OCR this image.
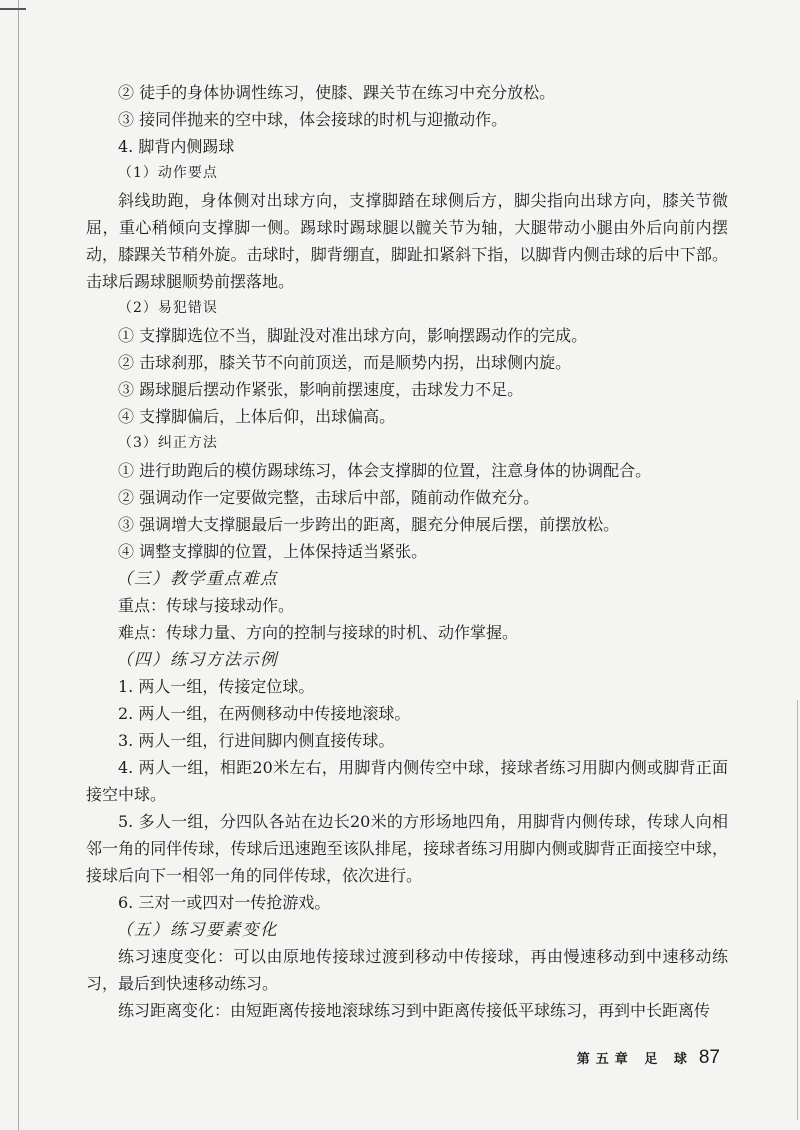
② 徒手的身体协调性练习，使膝、踝关节在练习中充分放松。

③ 接同伴抛来的空中球，体会接球的时机与迎撤动作。

4. 脚背内侧踢球

（1）动作要点

斜线助跑，身体侧对出球方向，支撑脚踏在球侧后方，脚尖指向出球方向，膝关节微屈，重心稍倾向支撑脚一侧。踢球时踢球腿以髋关节为轴，大腿带动小腿由外后向前内摆动，膝踝关节稍外旋。击球时，脚背绷直，脚趾扣紧斜下指，以脚背内侧击球的后中下部。击球后踢球腿顺势前摆落地。

（2）易犯错误

① 支撑脚选位不当，脚趾没对准出球方向，影响摆踢动作的完成。

② 击球刹那，膝关节不向前顶送，而是顺势内拐，出球侧内旋。

③ 踢球腿后摆动作紧张，影响前摆速度，击球发力不足。

④ 支撑脚偏后，上体后仰，出球偏高。

（3）纠正方法

① 进行助跑后的模仿踢球练习，体会支撑脚的位置，注意身体的协调配合。

② 强调动作一定要做完整，击球后中部，随前动作做充分。

③ 强调增大支撑腿最后一步跨出的距离，腿充分伸展后摆，前摆放松。

④ 调整支撑脚的位置，上体保持适当紧张。

（三）教学重点难点

重点：传球与接球动作。

难点：传球力量、方向的控制与接球的时机、动作掌握。

（四）练习方法示例

1. 两人一组，传接定位球。

2. 两人一组，在两侧移动中传接地滚球。

3. 两人一组，行进间脚内侧直接传球。

4. 两人一组，相距20米左右，用脚背内侧传空中球，接球者练习用脚内侧或脚背正面接空中球。

5. 多人一组，分四队各站在边长20米的方形场地四角，用脚背内侧传球，传球人向相邻一角的同伴传球，传球后迅速跑至该队排尾，接球者练习用脚内侧或脚背正面接空中球，接球后向下一相邻一角的同伴传球，依次进行。

6. 三对一或四对一传抢游戏。

（五）练习要素变化

练习速度变化：可以由原地传接球过渡到移动中传接球，再由慢速移动到中速移动练习，最后到快速移动练习。

练习距离变化：由短距离传接地滚球练习到中距离传接低平球练习，再到中长距离传

第五章 足 球 87
